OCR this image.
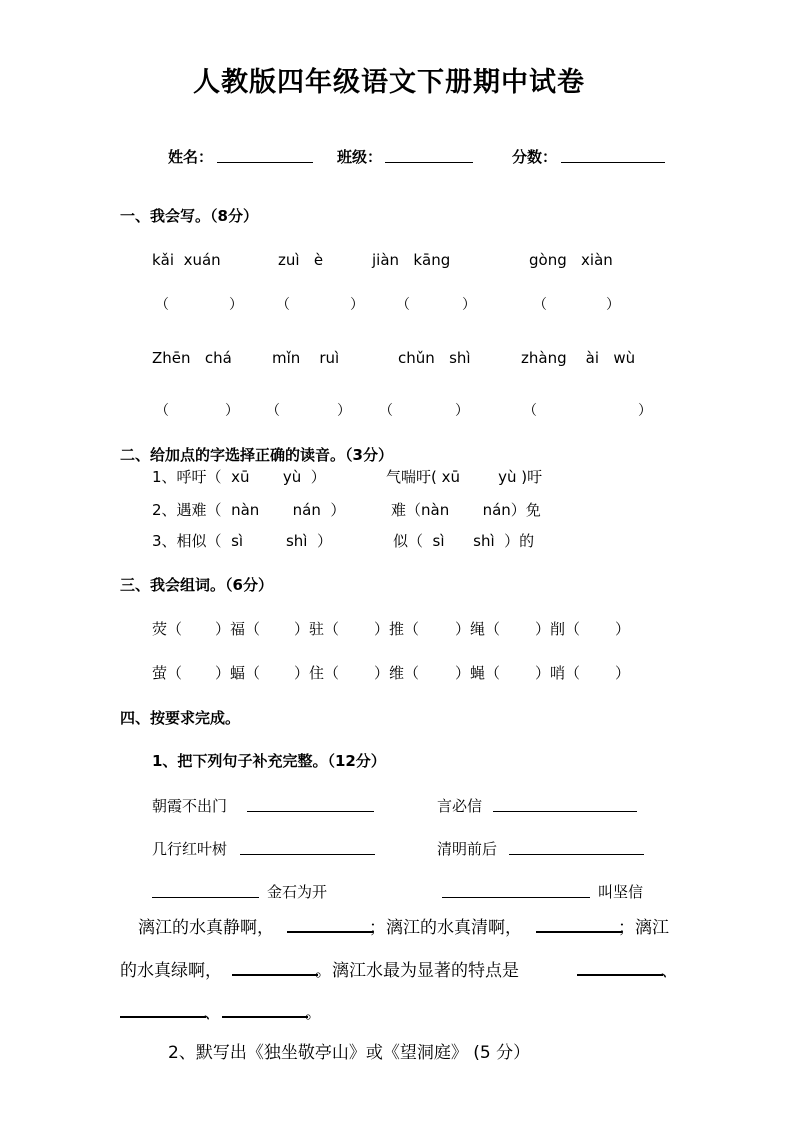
人教版四年级语文下册期中试卷
姓名：	班级：	分数：
一、我会写。（8分）
kǎi  xuán	zuì   è	jiàn   kāng	gòng   xiàn
（	） （	） （	）	（	）
Zhēn   chá	mǐn    ruì	chǔn   shì	zhàng    ài   wù
（	） （	） （	）	（	）
二、给加点的字选择正确的读音。（3分）
1、呼吁（  xū       yù  ）	气喘吁( xū        yù )吁
2、遇难（  nàn       nán  ）	难（nàn       nán）免
3、相似（  sì         shì  ）	似（  sì      shì  ）的
三、我会组词。（6分）
荧（ ）福（ ）驻（ ）推（ ）绳（ ）削（ ）
萤（ ）蝠（ ）住（ ）维（ ）蝇（ ）哨（ ）
四、按要求完成。
1、把下列句子补充完整。（12分）
朝霞不出门	言必信
几行红叶树	清明前后
金石为开	叫坚信
漓江的水真静啊，	；漓江的水真清啊，	；漓江
的水真绿啊，	。漓江水最为显著的特点是	、
、	。
2、默写出《独坐敬亭山》或《望洞庭》 (5 分）
